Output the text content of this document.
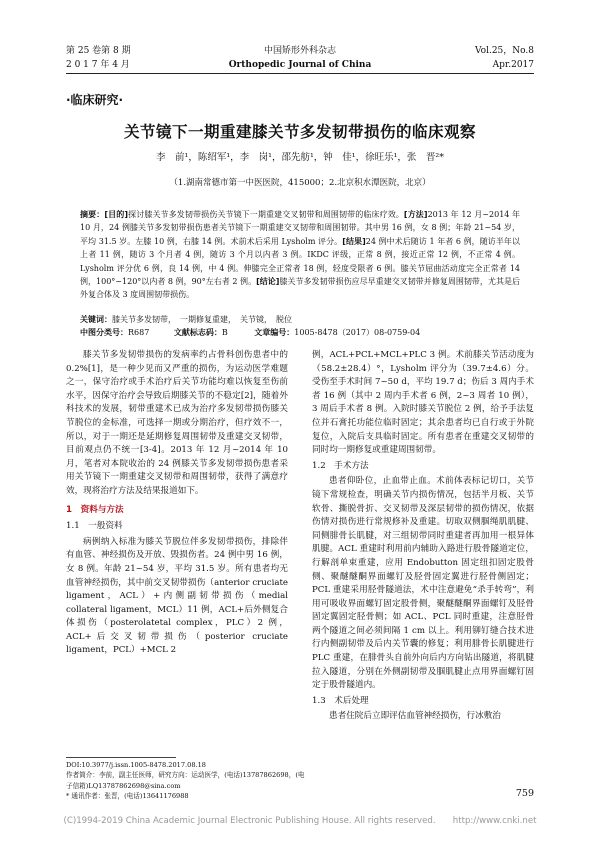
第 25 卷第 8 期	中国矫形外科杂志	Vol.25，No.8
2 0 1 7 年 4 月	Orthopedic Journal of China	Apr.2017
·临床研究·
关节镜下一期重建膝关节多发韧带损伤的临床观察
李　前¹，陈绍军¹，李　岗¹，邵先舫¹，钟　佳¹，徐旺乐¹，张　晋²*
（1.湖南常德市第一中医医院，415000；2.北京积水潭医院，北京）
摘要：[目的]探讨膝关节多发韧带损伤关节镜下一期重建交叉韧带和周围韧带的临床疗效。[方法]2013 年 12 月~2014 年 10 月，24 例膝关节多发韧带损伤患者关节镜下一期重建交叉韧带和周围韧带。其中男 16 例，女 8 例；年龄 21~54 岁，平均 31.5 岁。左膝 10 例，右膝 14 例。术前术后采用 Lysholm 评分。[结果]24 例中术后随访 1 年者 6 例，随访半年以上者 11 例，随访 3 个月者 4 例，随访 3 个月以内者 3 例。IKDC 评级，正常 8 例，接近正常 12 例，不正常 4 例。Lysholm 评分优 6 例，良 14 例，中 4 例。伸膝完全正常者 18 例，轻度受限者 6 例。膝关节屈曲活动度完全正常者 14 例，100°~120°以内者 8 例，90°左右者 2 例。[结论]膝关节多发韧带损伤应尽早重建交叉韧带并修复周围韧带，尤其是后外复合体及 3 度周围韧带损伤。
关键词：膝关节多发韧带，　一期修复重建，　关节镜，　脱位
中图分类号：R687	文献标志码：B	文章编号：1005-8478（2017）08-0759-04

膝关节多发韧带损伤的发病率约占骨科创伤患者中的 0.2%[1]，是一种少见而又严重的损伤，为运动医学难题之一，保守治疗或手术治疗后关节功能均难以恢复至伤前水平，因保守治疗会导致后期膝关节的不稳定[2]，随着外科技术的发展，韧带重建术已成为治疗多发韧带损伤膝关节脱位的金标准，可选择一期或分期治疗，但疗效不一，所以，对于一期还是延期修复周围韧带及重建交叉韧带，目前观点仍不统一[3-4]。2013 年 12 月~2014 年 10 月，笔者对本院收治的 24 例膝关节多发韧带损伤患者采用关节镜下一期重建交叉韧带和周围韧带，获得了满意疗效，现将治疗方法及结果报道如下。

1　资料与方法

1.1　一般资料

病例纳入标准为膝关节脱位伴多发韧带损伤，排除伴有血管、神经损伤及开放、毁损伤者。24 例中男 16 例，女 8 例。年龄 21~54 岁，平均 31.5 岁。所有患者均无血管神经损伤，其中前交叉韧带损伤（anterior cruciate ligament，ACL）+内侧副韧带损伤（medial collateral ligament，MCL）11 例，ACL+后外侧复合体损伤（posterolatetal complex，PLC）2 例，ACL+后交叉韧带损伤（posterior cruciate ligament，PCL）+MCL 2

例，ACL+PCL+MCL+PLC 3 例。术前膝关节活动度为（58.2±28.4）°，Lysholm 评分为（39.7±4.6）分。受伤至手术时间 7~50 d，平均 19.7 d；伤后 3 周内手术者 16 例（其中 2 周内手术者 6 例，2~3 周者 10 例），3 周后手术者 8 例。入院时膝关节脱位 2 例，给予手法复位并石膏托功能位临时固定；其余患者均已自行或于外院复位，入院后支具临时固定。所有患者在重建交叉韧带的同时均一期修复或重建周围韧带。

1.2　手术方法

患者仰卧位，止血带止血。术前体表标记切口，关节镜下常规检查，明确关节内损伤情况，包括半月板、关节软骨、撕脱骨折、交叉韧带及深层韧带的损伤情况，依据伤情对损伤进行常规修补及重建。切取双侧腘绳肌肌腱、同侧腓骨长肌腱，对三组韧带同时重建者再加用一根异体肌腱。ACL 重建时利用前内辅助入路进行股骨隧道定位，行解剖单束重建，应用 Endobutton 固定纽扣固定股骨侧、聚醚醚酮界面螺钉及胫骨固定翼进行胫骨侧固定；PCL 重建采用胫骨隧道法，术中注意避免“杀手转弯”，利用可吸收界面螺钉固定股骨侧，聚醚醚酮界面螺钉及胫骨固定翼固定胫骨侧；如 ACL、PCL 同时重建，注意胫骨两个隧道之间必须间隔 1 cm 以上。利用铆钉缝合技术进行内侧副韧带及后内关节囊的修复；利用腓骨长肌腱进行 PLC 重建，在腓骨头自前外向后内方向钻出隧道，将肌腱拉入隧道，分别在外侧副韧带及腘肌腱止点用界面螺钉固定于股骨隧道内。

1.3　术后处理

患者住院后立即评估血管神经损伤，行冰敷治

DOI:10.3977/j.issn.1005-8478.2017.08.18
作者简介：李前，副主任医师，研究方向：运动医学，(电话)13787862698，(电子信箱)LQ13787862698@sina.com
* 通讯作者：张晋，(电话)13641176988	759
(C)1994-2019 China Academic Journal Electronic Publishing House. All rights reserved.　　http://www.cnki.net
